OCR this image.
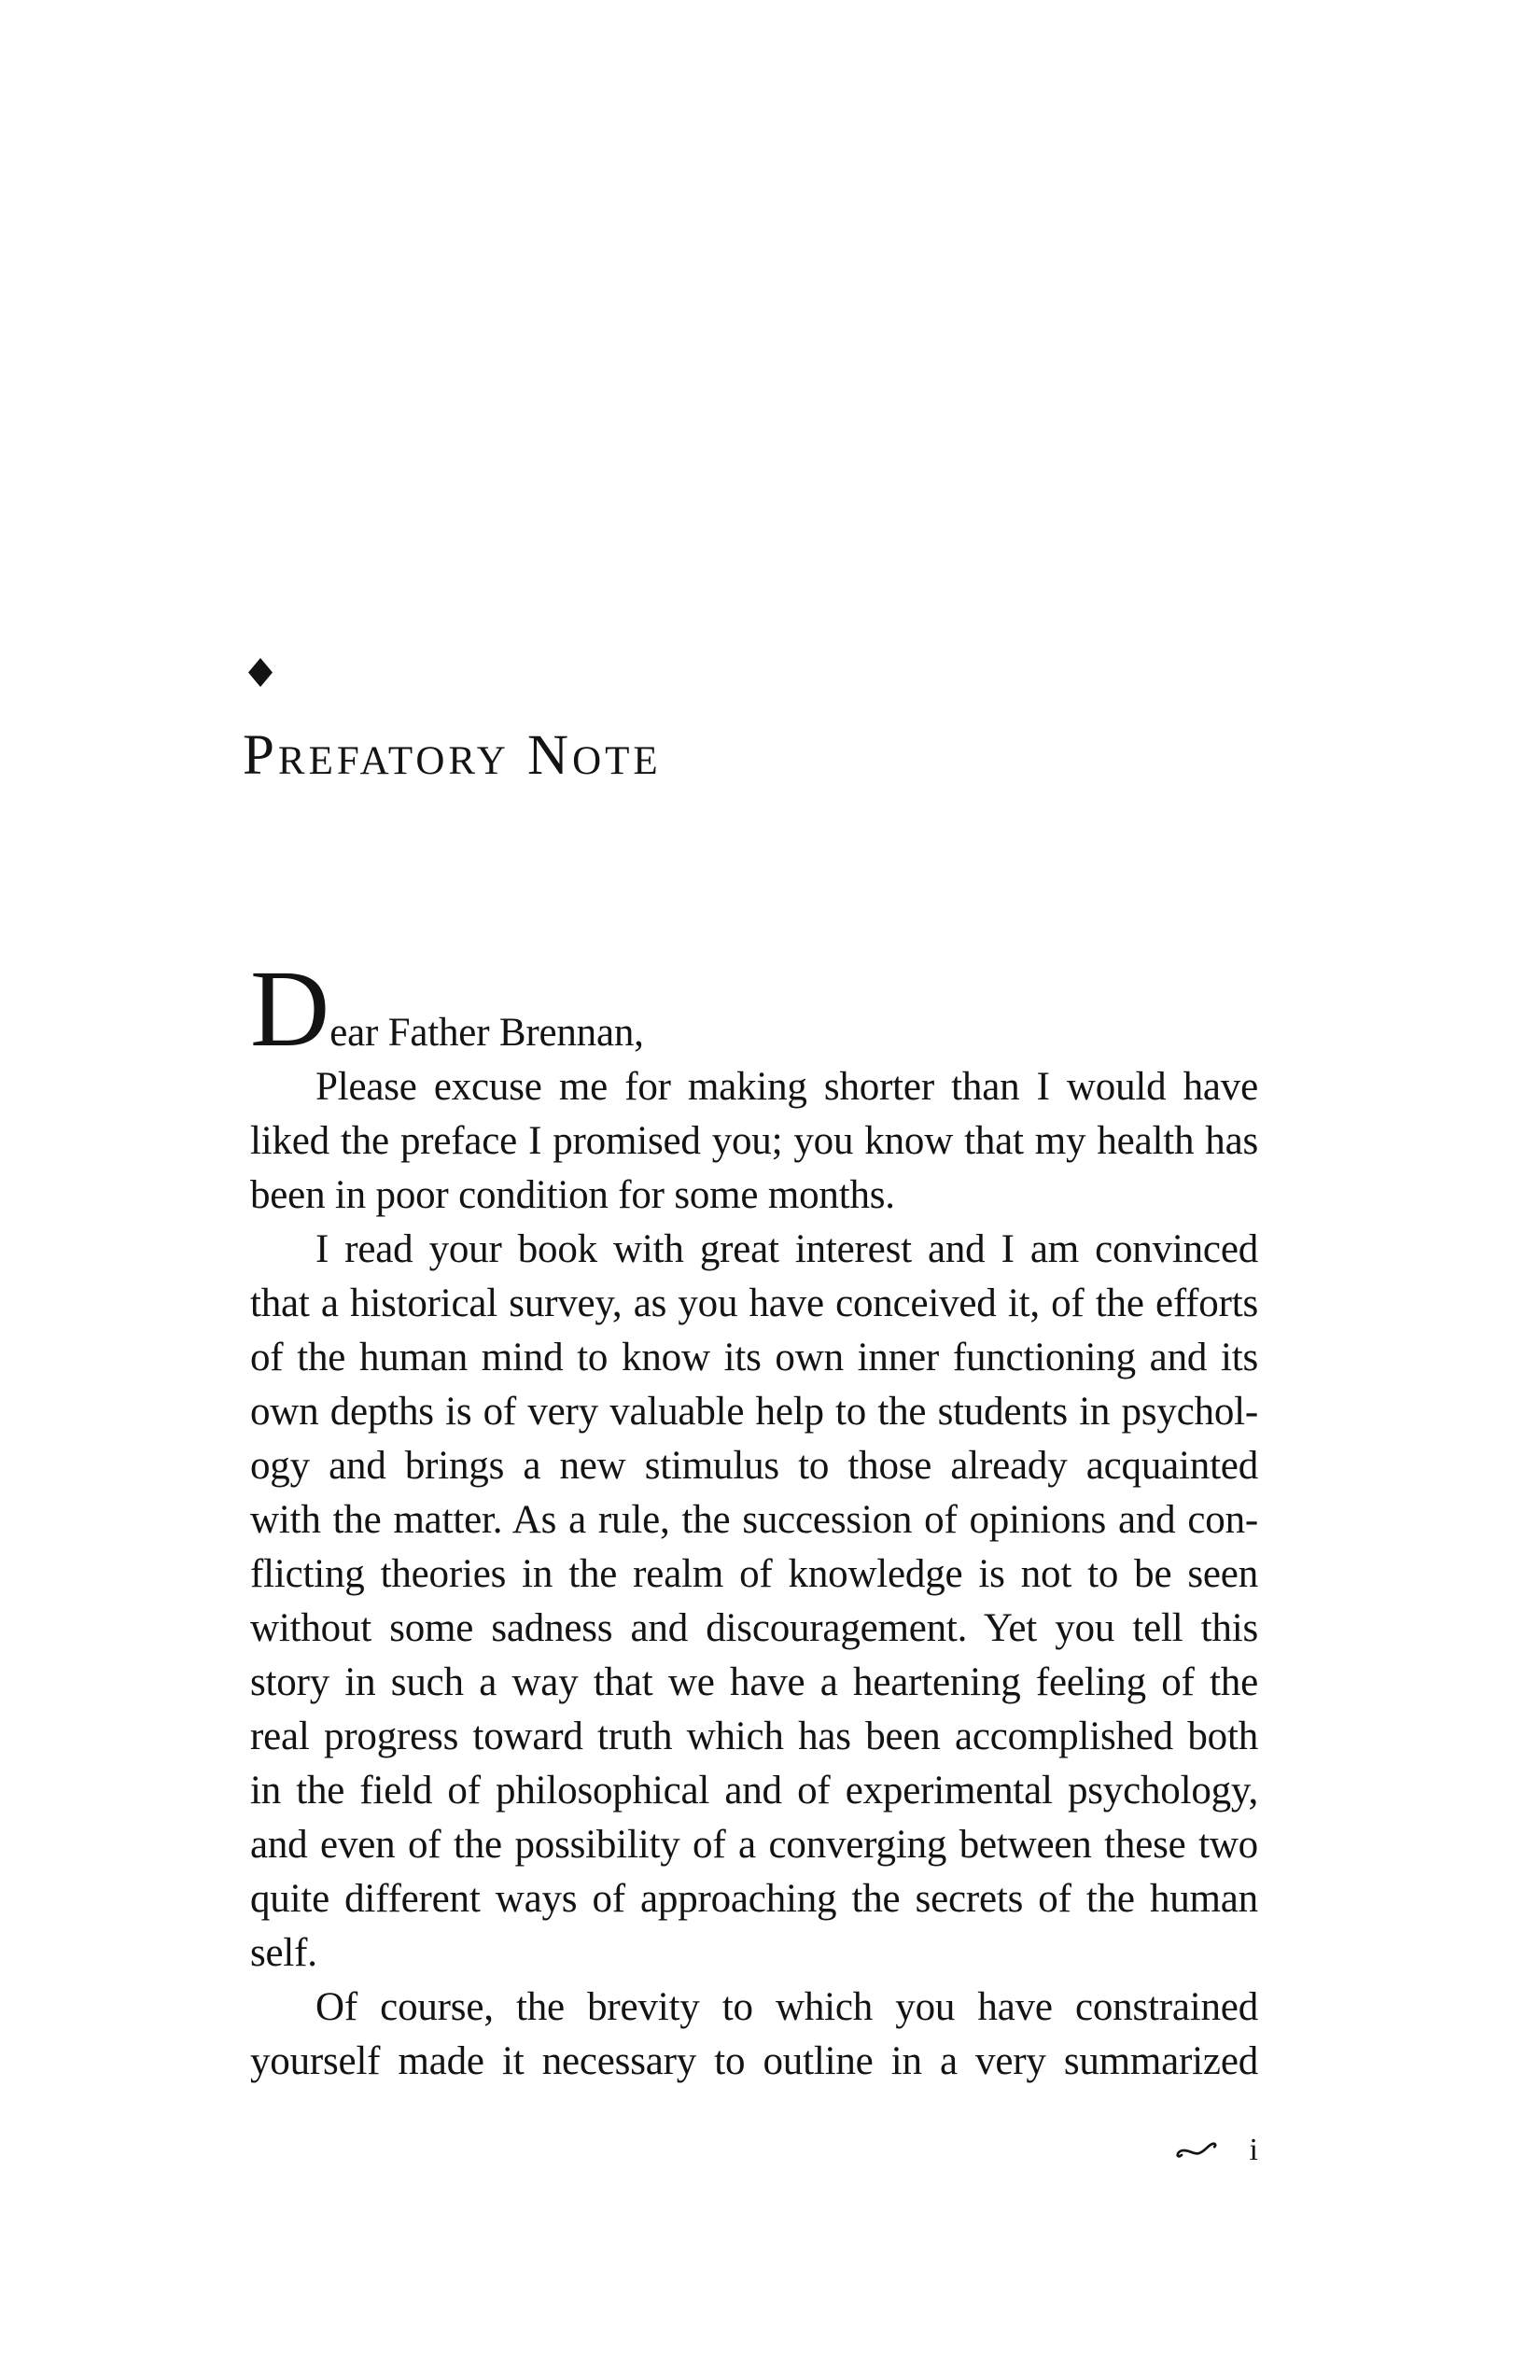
Prefatory Note
Dear Father Brennan,
Please excuse me for making shorter than I would have
liked the preface I promised you; you know that my health has
been in poor condition for some months.
I read your book with great interest and I am convinced
that a historical survey, as you have conceived it, of the efforts
of the human mind to know its own inner functioning and its
own depths is of very valuable help to the students in psychol-
ogy and brings a new stimulus to those already acquainted
with the matter. As a rule, the succession of opinions and con-
flicting theories in the realm of knowledge is not to be seen
without some sadness and discouragement. Yet you tell this
story in such a way that we have a heartening feeling of the
real progress toward truth which has been accomplished both
in the field of philosophical and of experimental psychology,
and even of the possibility of a converging between these two
quite different ways of approaching the secrets of the human
self.
Of course, the brevity to which you have constrained
yourself made it necessary to outline in a very summarized
i
